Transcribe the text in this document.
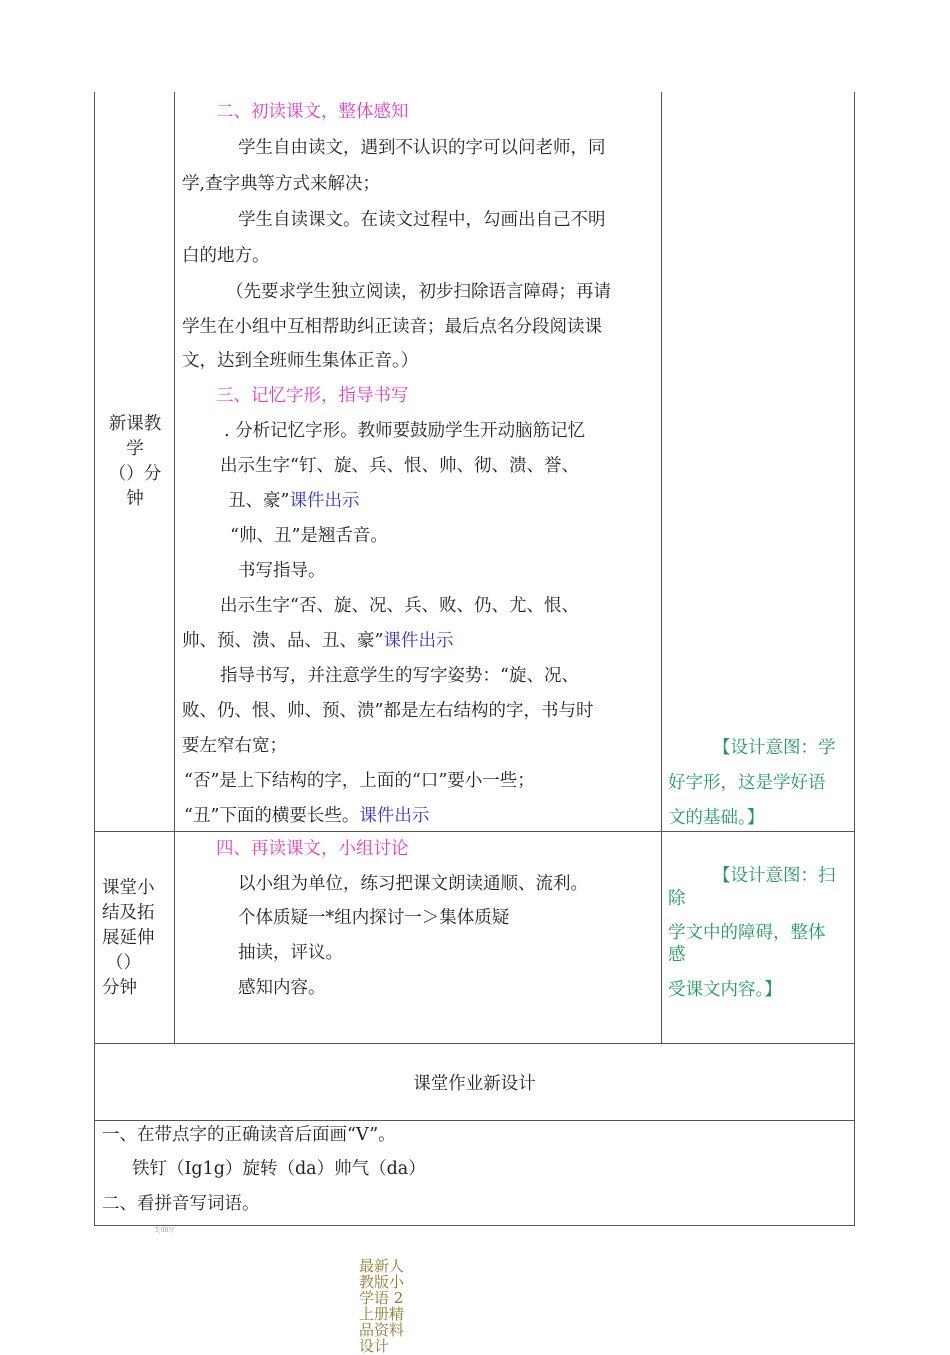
新课教
学
（）分
钟
课堂小
结及拓
展延伸
（）
分钟
二、初读课文，整体感知
学生自由读文，遇到不认识的字可以问老师，同
学,查字典等方式来解决；
学生自读课文。在读文过程中，勾画出自己不明
白的地方。
（先要求学生独立阅读，初步扫除语言障碍；再请
学生在小组中互相帮助纠正读音；最后点名分段阅读课
文，达到全班师生集体正音。）
三、记忆字形，指导书写
. 分析记忆字形。教师要鼓励学生开动脑筋记忆
出示生字“钉、旋、兵、恨、帅、彻、溃、誉、
丑、豪”课件出示
“帅、丑”是翘舌音。
书写指导。
出示生字“否、旋、况、兵、败、仍、尤、恨、
帅、预、溃、品、丑、豪”课件出示
指导书写，并注意学生的写字姿势：“旋、况、
败、仍、恨、帅、预、溃”都是左右结构的字，书与时
要左窄右宽；
“否”是上下结构的字，上面的“口”要小一些；
“丑”下面的横要长些。课件出示
四、再读课文，小组讨论
以小组为单位，练习把课文朗读通顺、流利。
个体质疑一*组内探讨一＞集体质疑
抽读，评议。
感知内容。
【设计意图：学
好字形，这是学好语
文的基础。】
【设计意图：扫
除
学文中的障碍，整体
感
受课文内容。】
课堂作业新设计
一、在带点字的正确读音后面画“V”。
铁钉（Ig1g）旋转（da）帅气（da）
二、看拼音写词语。
T;00?/
最新人
教版小
学语 2
上册精
品资料
设计
